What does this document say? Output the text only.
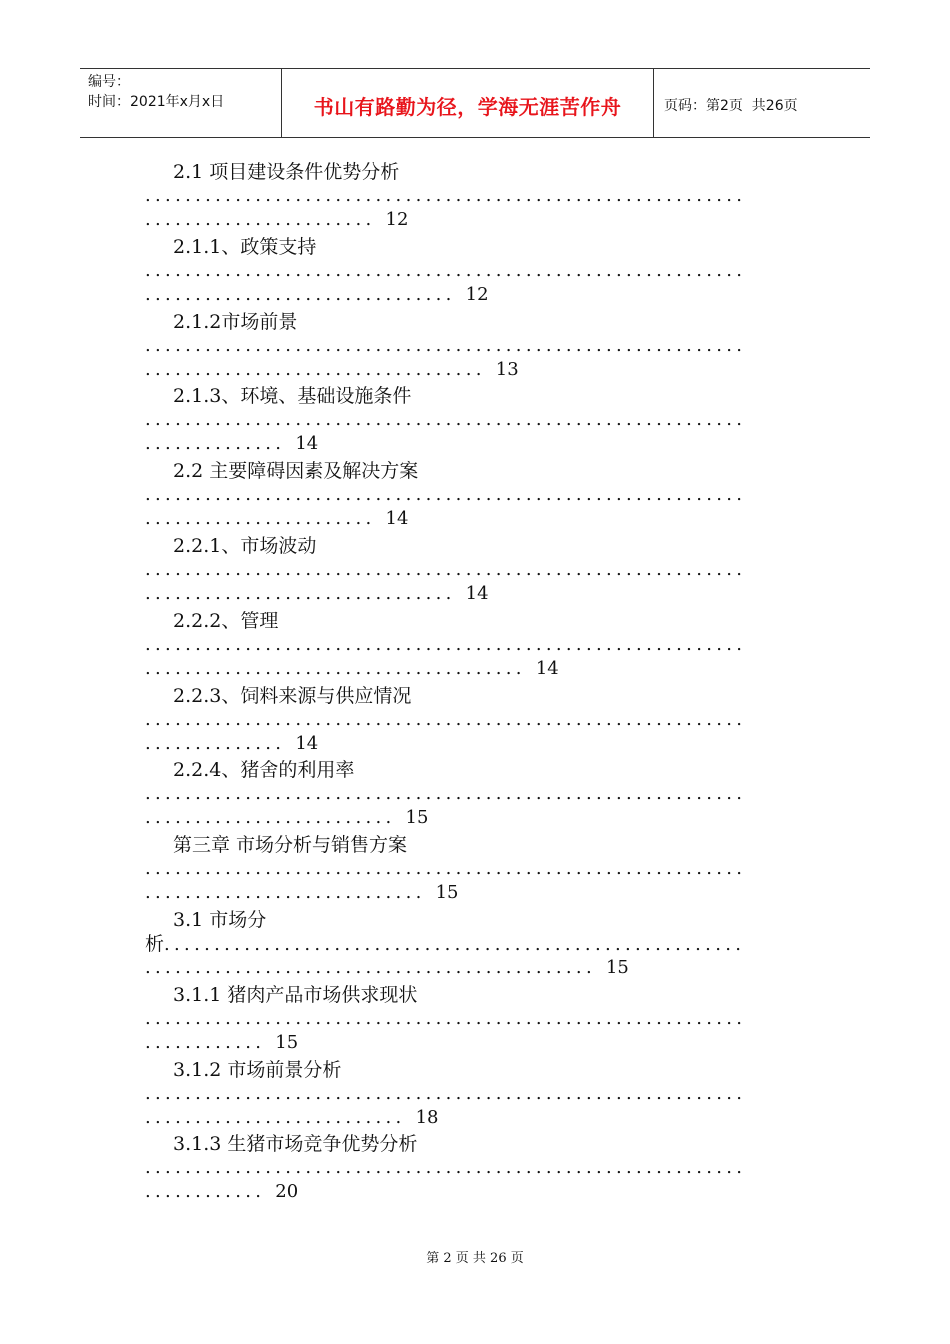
编号：
时间：2021年x月x日	书山有路勤为径，学海无涯苦作舟	页码：第2页  共26页
2.1 项目建设条件优势分析
............................................................
....................... 12
2.1.1、政策支持
............................................................
............................... 12
2.1.2市场前景
............................................................
.................................. 13
2.1.3、环境、基础设施条件
............................................................
.............. 14
2.2 主要障碍因素及解决方案
............................................................
....................... 14
2.2.1、市场波动
............................................................
............................... 14
2.2.2、管理
............................................................
...................................... 14
2.2.3、饲料来源与供应情况
............................................................
.............. 14
2.2.4、猪舍的利用率
............................................................
......................... 15
第三章 市场分析与销售方案
............................................................
............................ 15
3.1 市场分
析..........................................................
............................................. 15
3.1.1 猪肉产品市场供求现状
............................................................
............ 15
3.1.2 市场前景分析
............................................................
.......................... 18
3.1.3 生猪市场竞争优势分析
............................................................
............ 20
第 2 页 共 26 页
